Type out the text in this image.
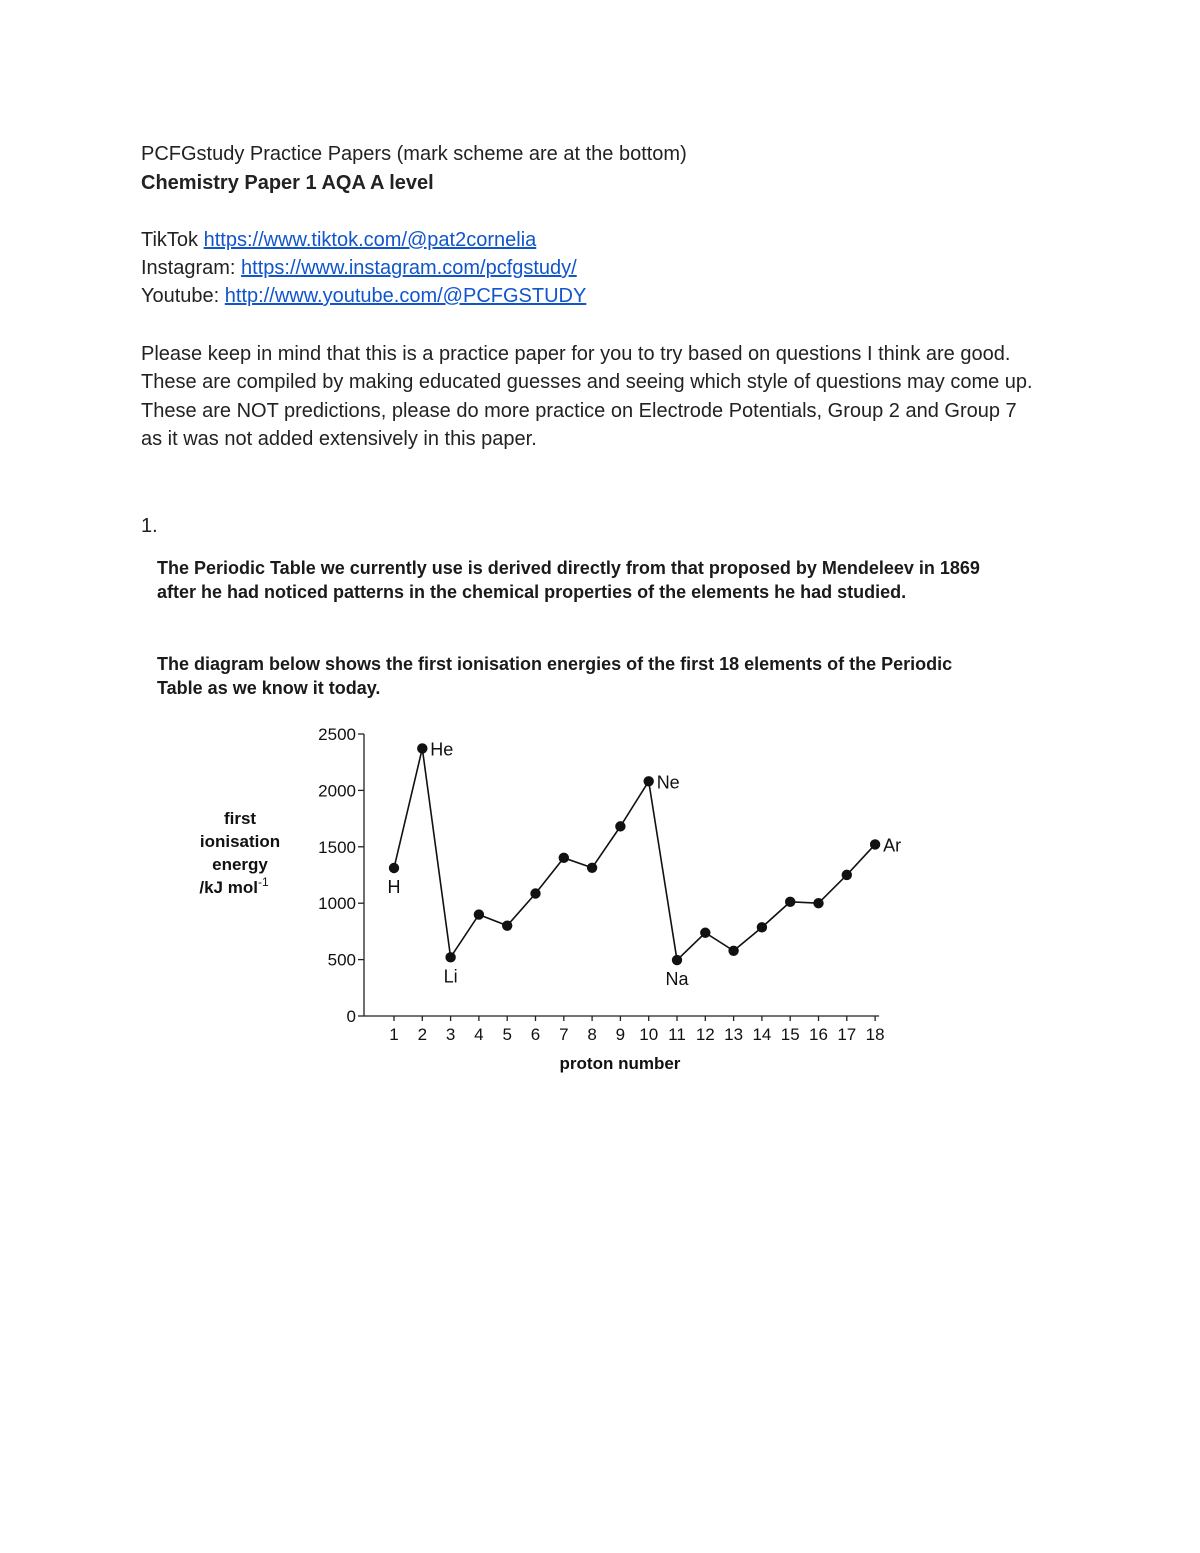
PCFGstudy Practice Papers (mark scheme are at the bottom)
Chemistry Paper 1 AQA A level
TikTok https://www.tiktok.com/@pat2cornelia
Instagram: https://www.instagram.com/pcfgstudy/
Youtube: http://www.youtube.com/@PCFGSTUDY
Please keep in mind that this is a practice paper for you to try based on questions I think are good. These are compiled by making educated guesses and seeing which style of questions may come up. These are NOT predictions, please do more practice on Electrode Potentials, Group 2 and Group 7 as it was not added extensively in this paper.
1.
The Periodic Table we currently use is derived directly from that proposed by Mendeleev in 1869 after he had noticed patterns in the chemical properties of the elements he had studied.
The diagram below shows the first ionisation energies of the first 18 elements of the Periodic Table as we know it today.
0
500
1000
1500
2000
2500
1 2 3 4 5 6 7 8 9 10 11 12 13 14 15 16 17 18
proton number
first
ionisation
energy
/kJ mol$^{-1}$	H
He
Li
Ne
Na
Ar
